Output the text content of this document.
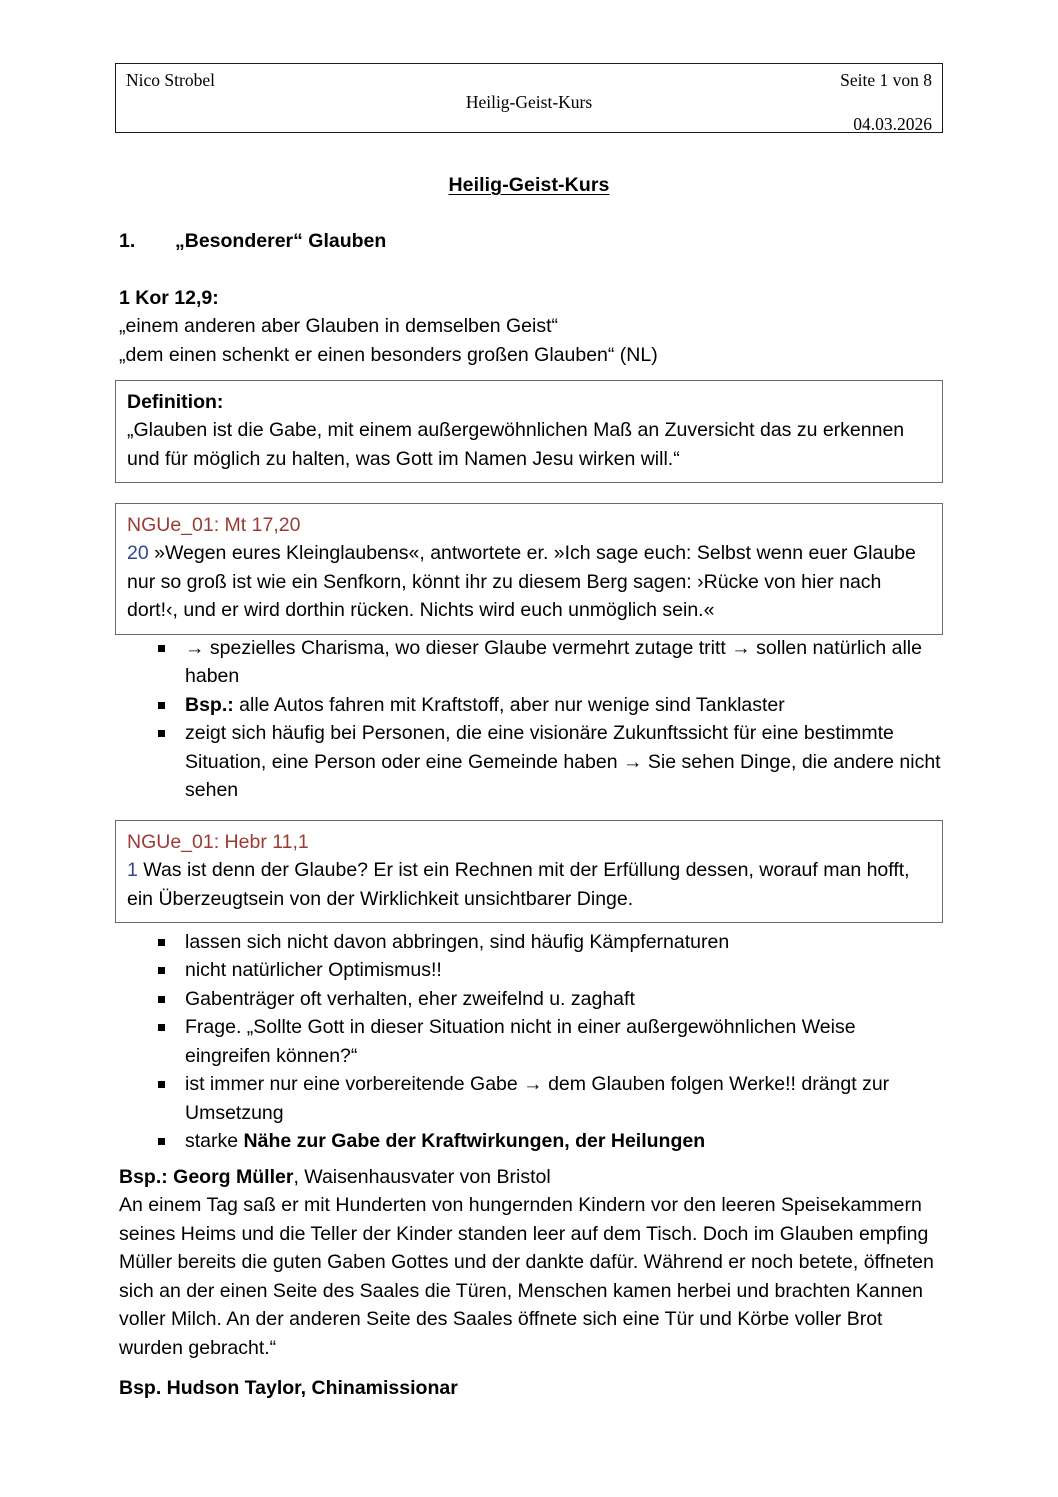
Nico Strobel	Seite 1 von 8
Heilig-Geist-Kurs
04.03.2026
Heilig-Geist-Kurs
1. „Besonderer“ Glauben
1 Kor 12,9:
„einem anderen aber Glauben in demselben Geist“
„dem einen schenkt er einen besonders großen Glauben“ (NL)
Definition:
„Glauben ist die Gabe, mit einem außergewöhnlichen Maß an Zuversicht das zu erkennen
und für möglich zu halten, was Gott im Namen Jesu wirken will.“
NGUe_01: Mt 17,20
20 »Wegen eures Kleinglaubens«, antwortete er. »Ich sage euch: Selbst wenn euer Glaube nur so groß ist wie ein Senfkorn, könnt ihr zu diesem Berg sagen: ›Rücke von hier nach dort!‹, und er wird dorthin rücken. Nichts wird euch unmöglich sein.«
→ spezielles Charisma, wo dieser Glaube vermehrt zutage tritt → sollen natürlich alle haben
Bsp.: alle Autos fahren mit Kraftstoff, aber nur wenige sind Tanklaster
zeigt sich häufig bei Personen, die eine visionäre Zukunftssicht für eine bestimmte Situation, eine Person oder eine Gemeinde haben → Sie sehen Dinge, die andere nicht sehen
NGUe_01: Hebr 11,1
1 Was ist denn der Glaube? Er ist ein Rechnen mit der Erfüllung dessen, worauf man hofft, ein Überzeugtsein von der Wirklichkeit unsichtbarer Dinge.
lassen sich nicht davon abbringen, sind häufig Kämpfernaturen
nicht natürlicher Optimismus!!
Gabenträger oft verhalten, eher zweifelnd u. zaghaft
Frage. „Sollte Gott in dieser Situation nicht in einer außergewöhnlichen Weise eingreifen können?“
ist immer nur eine vorbereitende Gabe → dem Glauben folgen Werke!! drängt zur Umsetzung
starke Nähe zur Gabe der Kraftwirkungen, der Heilungen
Bsp.: Georg Müller, Waisenhausvater von Bristol
An einem Tag saß er mit Hunderten von hungernden Kindern vor den leeren Speisekammern seines Heims und die Teller der Kinder standen leer auf dem Tisch. Doch im Glauben empfing Müller bereits die guten Gaben Gottes und der dankte dafür. Während er noch betete, öffneten sich an der einen Seite des Saales die Türen, Menschen kamen herbei und brachten Kannen voller Milch. An der anderen Seite des Saales öffnete sich eine Tür und Körbe voller Brot wurden gebracht.“
Bsp. Hudson Taylor, Chinamissionar
